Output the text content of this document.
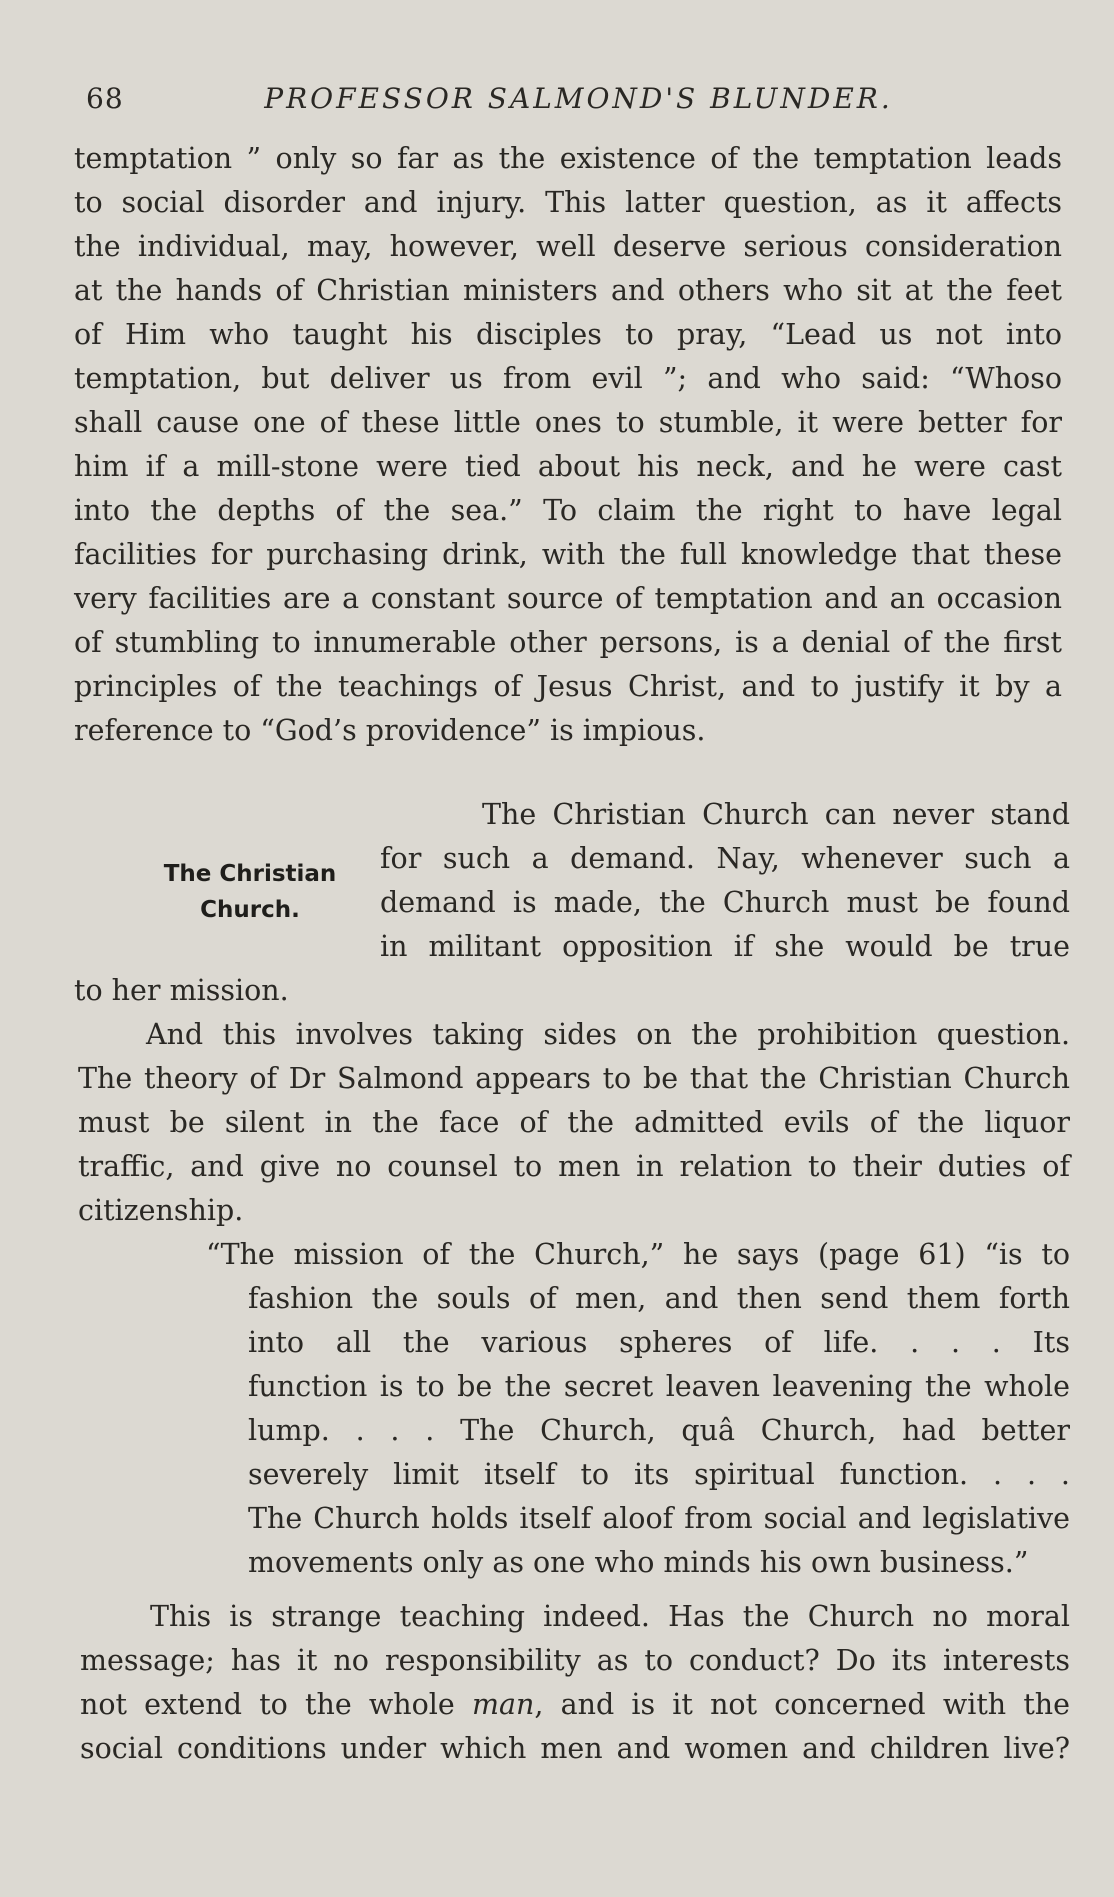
68	PROFESSOR SALMOND'S BLUNDER.
The Christian
Church.
temptation ” only so far as the existence of the temptation leads
to social disorder and injury. This latter question, as it affects
the individual, may, however, well deserve serious consideration
at the hands of Christian ministers and others who sit at the feet
of Him who taught his disciples to pray, “Lead us not into
temptation, but deliver us from evil ”; and who said: “Whoso
shall cause one of these little ones to stumble, it were better for
him if a mill-stone were tied about his neck, and he were cast
into the depths of the sea.” To claim the right to have legal
facilities for purchasing drink, with the full knowledge that these
very facilities are a constant source of temptation and an occasion
of stumbling to innumerable other persons, is a denial of the first
principles of the teachings of Jesus Christ, and to justify it by a
reference to “God’s providence” is impious.
The Christian Church can never stand
for such a demand. Nay, whenever such a
demand is made, the Church must be found
in militant opposition if she would be true
to her mission.
And this involves taking sides on the prohibition question.
The theory of Dr Salmond appears to be that the Christian Church
must be silent in the face of the admitted evils of the liquor
traffic, and give no counsel to men in relation to their duties of
citizenship.
“The mission of the Church,” he says (page 61) “is to
fashion the souls of men, and then send them forth
into all the various spheres of life. . . . Its
function is to be the secret leaven leavening the whole
lump. . . . The Church, quâ Church, had better
severely limit itself to its spiritual function. . . .
The Church holds itself aloof from social and legislative
movements only as one who minds his own business.”
This is strange teaching indeed. Has the Church no moral
message; has it no responsibility as to conduct? Do its interests
not extend to the whole man, and is it not concerned with the
social conditions under which men and women and children live?
